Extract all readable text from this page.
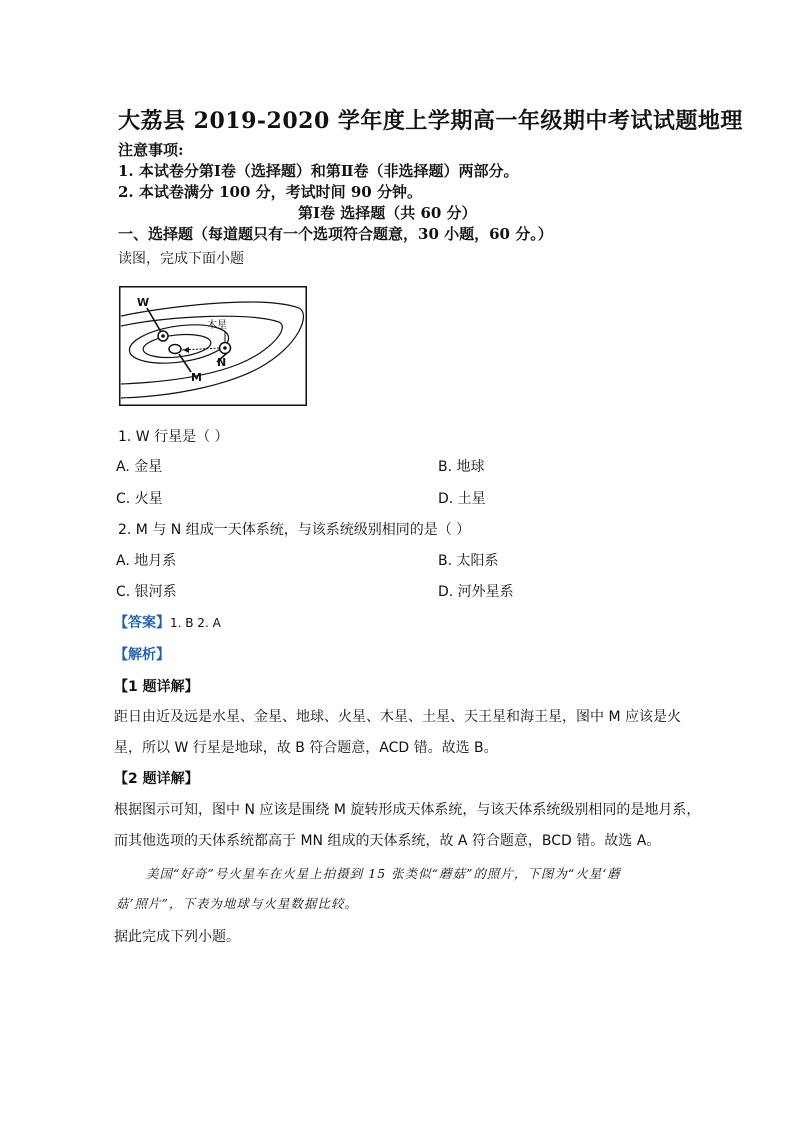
大荔县 2019-2020 学年度上学期高一年级期中考试试题地理
注意事项:
1. 本试卷分第Ⅰ卷（选择题）和第Ⅱ卷（非选择题）两部分。
2. 本试卷满分 100 分，考试时间 90 分钟。
第Ⅰ卷 选择题（共 60 分）
一、选择题（每道题只有一个选项符合题意，30 小题，60 分。）
读图，完成下面小题
W
木星
N
M
1. W 行星是（ ）
A. 金星	B. 地球
C. 火星	D. 土星
2. M 与 N 组成一天体系统，与该系统级别相同的是（ ）
A. 地月系	B. 太阳系
C. 银河系	D. 河外星系
【答案】1. B 2. A
【解析】
【1 题详解】
距日由近及远是水星、金星、地球、火星、木星、土星、天王星和海王星，图中 M 应该是火
星，所以 W 行星是地球，故 B 符合题意，ACD 错。故选 B。
【2 题详解】
根据图示可知，图中 N 应该是围绕 M 旋转形成天体系统，与该天体系统级别相同的是地月系，
而其他选项的天体系统都高于 MN 组成的天体系统，故 A 符合题意，BCD 错。故选 A。
美国“好奇”号火星车在火星上拍摄到 15 张类似“蘑菇”的照片，下图为“火星‘蘑
菇’照片”，下表为地球与火星数据比较。
据此完成下列小题。
